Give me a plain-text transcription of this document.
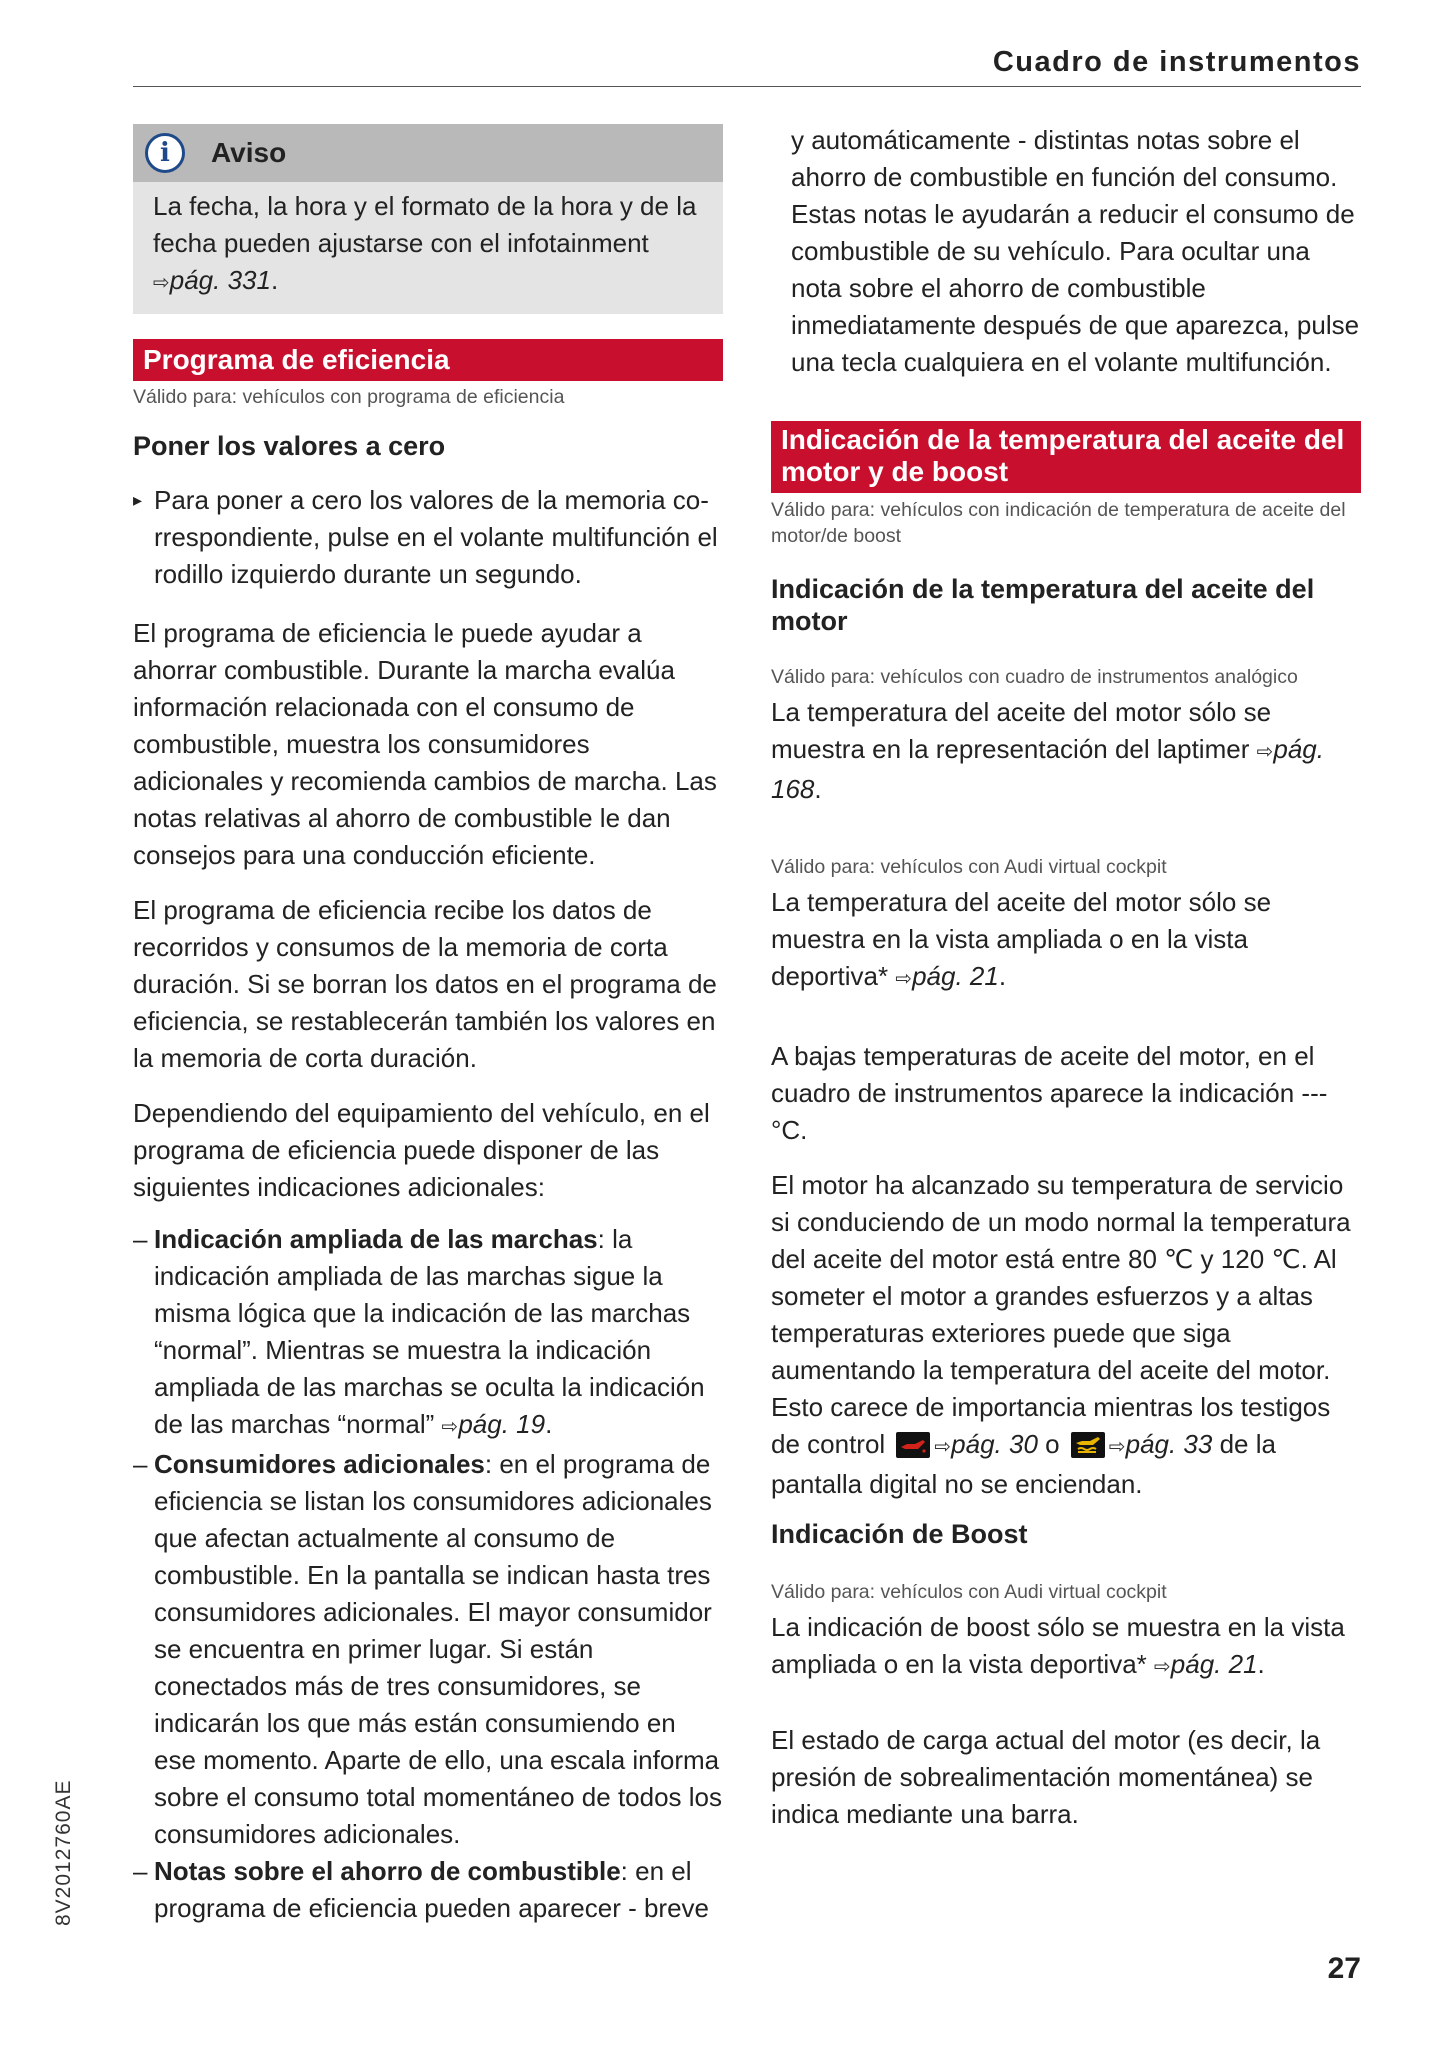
Cuadro de instrumentos
i	Aviso
La fecha, la hora y el formato de la hora y de la fecha pueden ajustarse con el infotainment ⇨pág. 331.
Programa de eficiencia
Válido para: vehículos con programa de eficiencia
Poner los valores a cero
▸ Para poner a cero los valores de la memoria co-rrespondiente, pulse en el volante multifunción el rodillo izquierdo durante un segundo.
El programa de eficiencia le puede ayudar a ahorrar combustible. Durante la marcha evalúa información relacionada con el consumo de combustible, muestra los consumidores adicionales y recomienda cambios de marcha. Las notas relativas al ahorro de combustible le dan consejos para una conducción eficiente.
El programa de eficiencia recibe los datos de recorridos y consumos de la memoria de corta duración. Si se borran los datos en el programa de eficiencia, se restablecerán también los valores en la memoria de corta duración.
Dependiendo del equipamiento del vehículo, en el programa de eficiencia puede disponer de las siguientes indicaciones adicionales:
– Indicación ampliada de las marchas: la indicación ampliada de las marchas sigue la misma lógica que la indicación de las marchas “normal”. Mientras se muestra la indicación ampliada de las marchas se oculta la indicación de las marchas “normal” ⇨pág. 19.
– Consumidores adicionales: en el programa de eficiencia se listan los consumidores adicionales que afectan actualmente al consumo de combustible. En la pantalla se indican hasta tres consumidores adicionales. El mayor consumidor se encuentra en primer lugar. Si están conectados más de tres consumidores, se indicarán los que más están consumiendo en ese momento. Aparte de ello, una escala informa sobre el consumo total momentáneo de todos los consumidores adicionales.
– Notas sobre el ahorro de combustible: en el programa de eficiencia pueden aparecer - breve
y automáticamente - distintas notas sobre el ahorro de combustible en función del consumo. Estas notas le ayudarán a reducir el consumo de combustible de su vehículo. Para ocultar una nota sobre el ahorro de combustible inmediatamente después de que aparezca, pulse una tecla cualquiera en el volante multifunción.
Indicación de la temperatura del aceite del
motor y de boost
Válido para: vehículos con indicación de temperatura de aceite del motor/de boost
Indicación de la temperatura del aceite del motor
Válido para: vehículos con cuadro de instrumentos analógico
La temperatura del aceite del motor sólo se muestra en la representación del laptimer ⇨pág. 168.
Válido para: vehículos con Audi virtual cockpit
La temperatura del aceite del motor sólo se muestra en la vista ampliada o en la vista deportiva* ⇨pág. 21.
A bajas temperaturas de aceite del motor, en el cuadro de instrumentos aparece la indicación --- °C.
El motor ha alcanzado su temperatura de servicio si conduciendo de un modo normal la temperatura del aceite del motor está entre 80 ℃ y 120 ℃. Al someter el motor a grandes esfuerzos y a altas temperaturas exteriores puede que siga aumentando la temperatura del aceite del motor. Esto carece de importancia mientras los testigos de control
⇨pág. 30 o
⇨pág. 33 de la pantalla digital no se enciendan.
Indicación de Boost
Válido para: vehículos con Audi virtual cockpit
La indicación de boost sólo se muestra en la vista ampliada o en la vista deportiva* ⇨pág. 21.
El estado de carga actual del motor (es decir, la presión de sobrealimentación momentánea) se indica mediante una barra.
8V2012760AE
27
